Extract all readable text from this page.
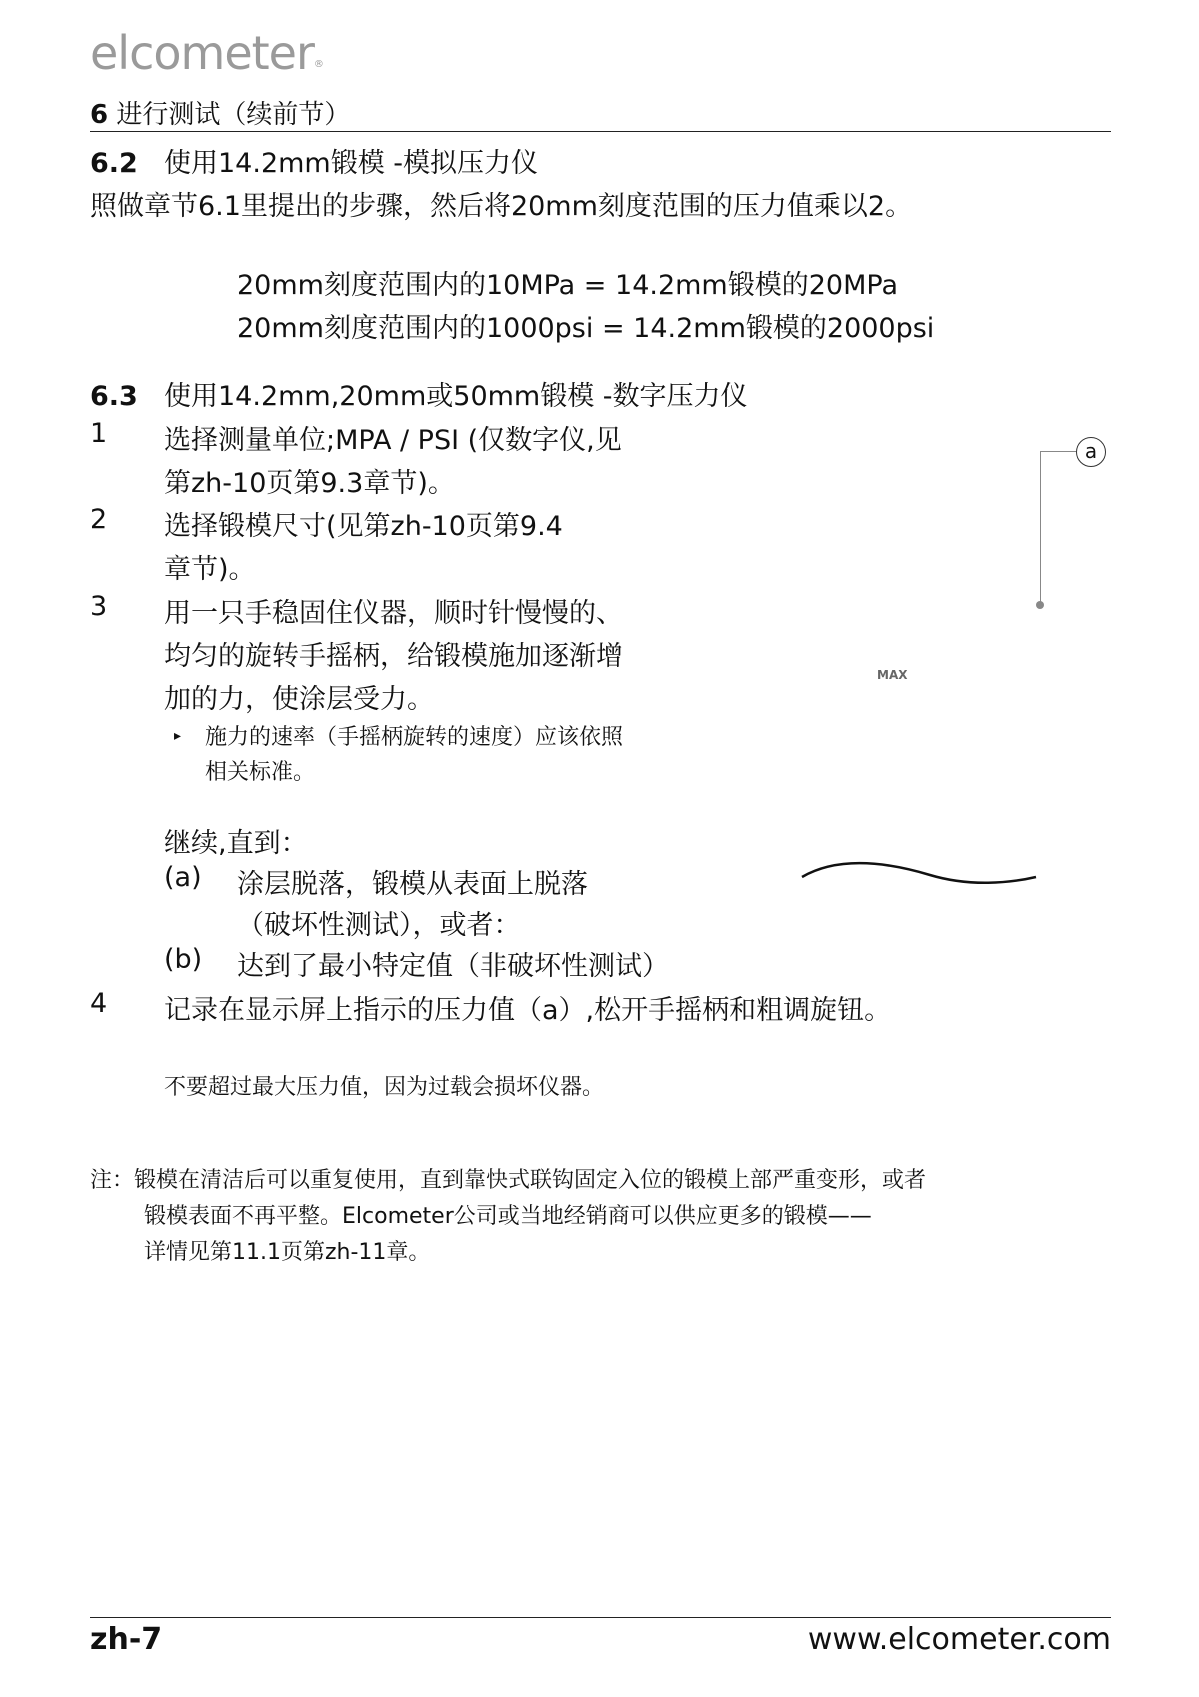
elcometer®
6 进行测试（续前节）
6.2 使用14.2mm锻模 -模拟压力仪
照做章节6.1里提出的步骤，然后将20mm刻度范围的压力值乘以2。
20mm刻度范围内的10MPa = 14.2mm锻模的20MPa
20mm刻度范围内的1000psi = 14.2mm锻模的2000psi
6.3 使用14.2mm,20mm或50mm锻模 -数字压力仪
1 选择测量单位;MPA / PSI (仅数字仪,见
第zh-10页第9.3章节)。
2 选择锻模尺寸(见第zh-10页第9.4
章节)。
3 用一只手稳固住仪器，顺时针慢慢的、
均匀的旋转手摇柄，给锻模施加逐渐增
加的力，使涂层受力。
▸ 施力的速率（手摇柄旋转的速度）应该依照
相关标准。
继续,直到：
(a) 涂层脱落，锻模从表面上脱落
（破坏性测试），或者：
(b) 达到了最小特定值（非破坏性测试）
4 记录在显示屏上指示的压力值（a）,松开手摇柄和粗调旋钮。
不要超过最大压力值，因为过载会损坏仪器。
注：锻模在清洁后可以重复使用，直到靠快式联钩固定入位的锻模上部严重变形，或者
锻模表面不再平整。Elcometer公司或当地经销商可以供应更多的锻模——
详情见第11.1页第zh-11章。
a
MAX
zh-7	www.elcometer.com
